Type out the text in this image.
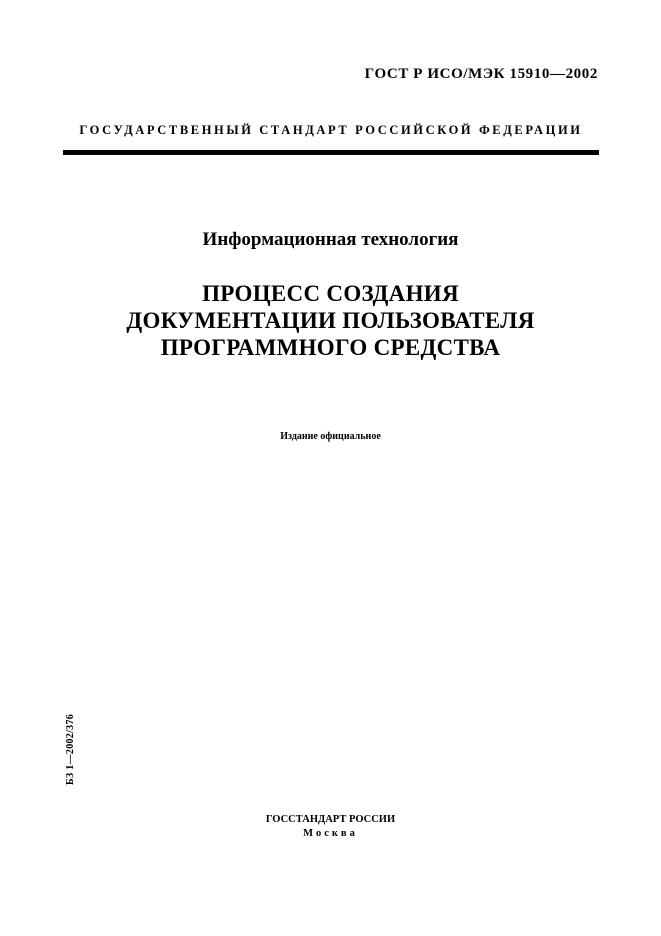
ГОСТ Р ИСО/МЭК 15910—2002
ГОСУДАРСТВЕННЫЙ СТАНДАРТ РОССИЙСКОЙ ФЕДЕРАЦИИ
Информационная технология
ПРОЦЕСС СОЗДАНИЯ
ДОКУМЕНТАЦИИ ПОЛЬЗОВАТЕЛЯ
ПРОГРАММНОГО СРЕДСТВА
Издание официальное
БЗ 1—2002/376
ГОССТАНДАРТ РОССИИ
Москва
